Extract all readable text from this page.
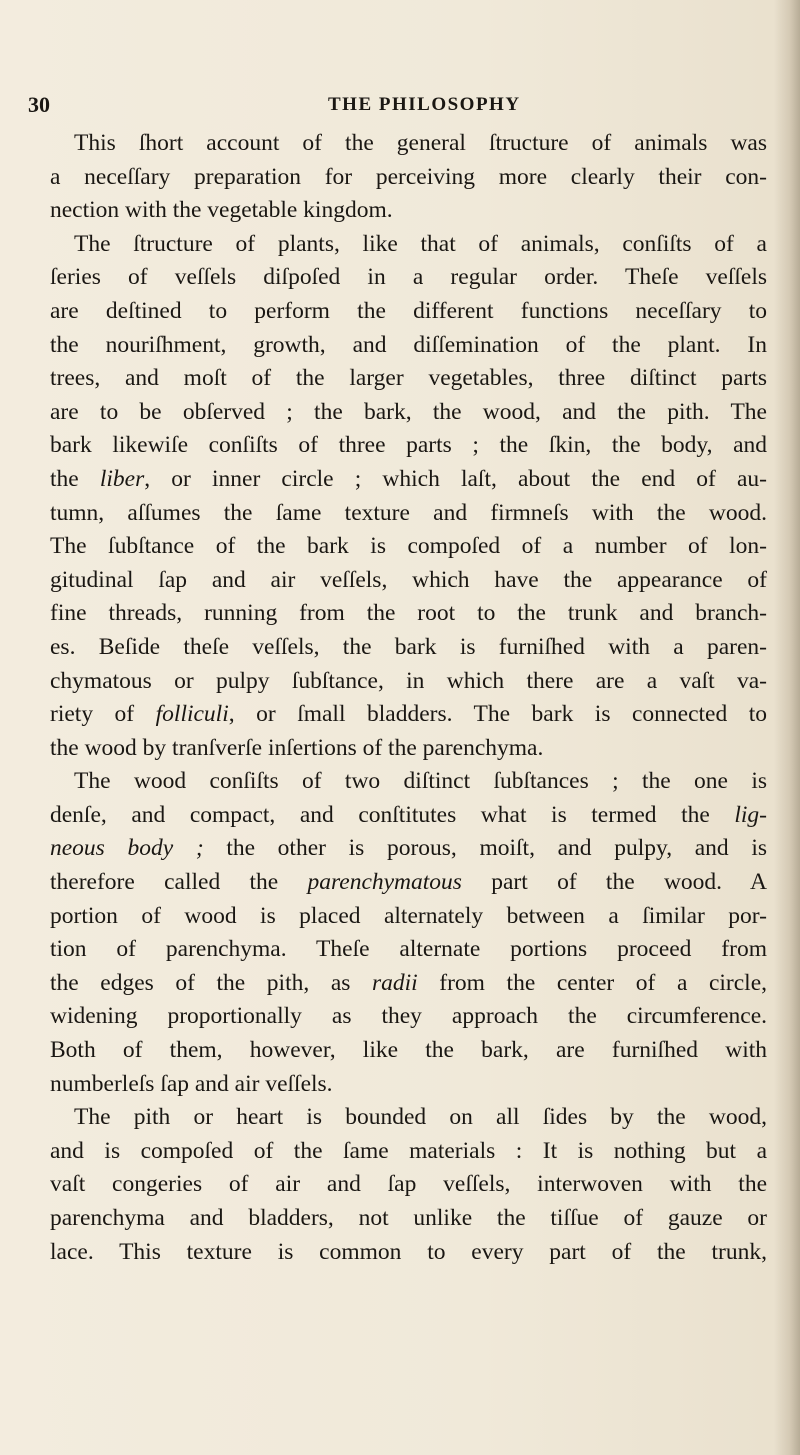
30	THE PHILOSOPHY
This ſhort account of the general ſtructure of animals was
a neceſſary preparation for perceiving more clearly their con-
nection with the vegetable kingdom.
The ſtructure of plants, like that of animals, conſiſts of a
ſeries of veſſels diſpoſed in a regular order. Theſe veſſels
are deſtined to perform the different functions neceſſary to
the nouriſhment, growth, and diſſemination of the plant. In
trees, and moſt of the larger vegetables, three diſtinct parts
are to be obſerved ; the bark, the wood, and the pith. The
bark likewiſe conſiſts of three parts ; the ſkin, the body, and
the liber, or inner circle ; which laſt, about the end of au-
tumn, aſſumes the ſame texture and firmneſs with the wood.
The ſubſtance of the bark is compoſed of a number of lon-
gitudinal ſap and air veſſels, which have the appearance of
fine threads, running from the root to the trunk and branch-
es. Beſide theſe veſſels, the bark is furniſhed with a paren-
chymatous or pulpy ſubſtance, in which there are a vaſt va-
riety of folliculi, or ſmall bladders. The bark is connected to
the wood by tranſverſe inſertions of the parenchyma.
The wood conſiſts of two diſtinct ſubſtances ; the one is
denſe, and compact, and conſtitutes what is termed the lig-
neous body ; the other is porous, moiſt, and pulpy, and is
therefore called the parenchymatous part of the wood. A
portion of wood is placed alternately between a ſimilar por-
tion of parenchyma. Theſe alternate portions proceed from
the edges of the pith, as radii from the center of a circle,
widening proportionally as they approach the circumference.
Both of them, however, like the bark, are furniſhed with
numberleſs ſap and air veſſels.
The pith or heart is bounded on all ſides by the wood,
and is compoſed of the ſame materials : It is nothing but a
vaſt congeries of air and ſap veſſels, interwoven with the
parenchyma and bladders, not unlike the tiſſue of gauze or
lace. This texture is common to every part of the trunk,
